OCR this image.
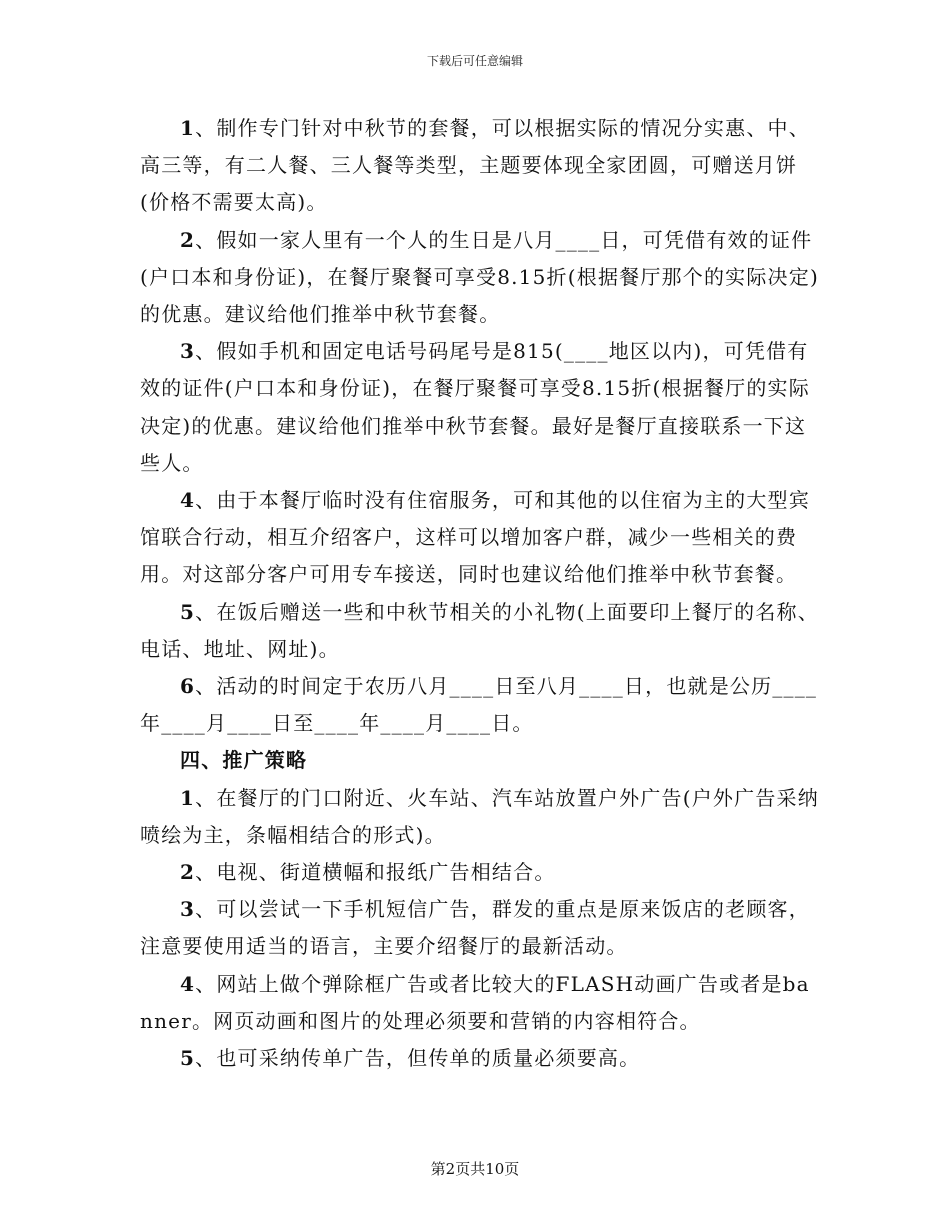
下载后可任意编辑

1、制作专门针对中秋节的套餐，可以根据实际的情况分实惠、中、高三等，有二人餐、三人餐等类型，主题要体现全家团圆，可赠送月饼(价格不需要太高)。

2、假如一家人里有一个人的生日是八月____日，可凭借有效的证件(户口本和身份证)，在餐厅聚餐可享受8.15折(根据餐厅那个的实际决定)的优惠。建议给他们推举中秋节套餐。

3、假如手机和固定电话号码尾号是815(____地区以内)，可凭借有效的证件(户口本和身份证)，在餐厅聚餐可享受8.15折(根据餐厅的实际决定)的优惠。建议给他们推举中秋节套餐。最好是餐厅直接联系一下这些人。

4、由于本餐厅临时没有住宿服务，可和其他的以住宿为主的大型宾馆联合行动，相互介绍客户，这样可以增加客户群，减少一些相关的费用。对这部分客户可用专车接送，同时也建议给他们推举中秋节套餐。

5、在饭后赠送一些和中秋节相关的小礼物(上面要印上餐厅的名称、电话、地址、网址)。

6、活动的时间定于农历八月____日至八月____日，也就是公历____年____月____日至____年____月____日。

四、推广策略

1、在餐厅的门口附近、火车站、汽车站放置户外广告(户外广告采纳喷绘为主，条幅相结合的形式)。

2、电视、街道横幅和报纸广告相结合。

3、可以尝试一下手机短信广告，群发的重点是原来饭店的老顾客，注意要使用适当的语言，主要介绍餐厅的最新活动。

4、网站上做个弹除框广告或者比较大的FLASH动画广告或者是banner。网页动画和图片的处理必须要和营销的内容相符合。

5、也可采纳传单广告，但传单的质量必须要高。

第2页共10页
